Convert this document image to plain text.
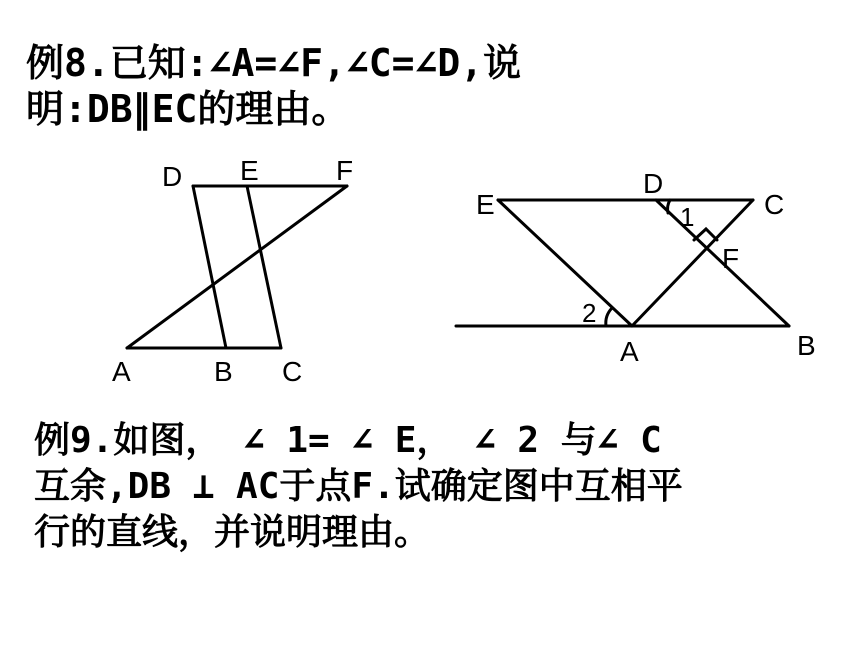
例8.已知:∠A=∠F,∠C=∠D,说
明:DB∥EC的理由。
D E	F
A	B C
E
D
C
F
A	B
1
2
例9.如图， ∠ 1= ∠ E， ∠ 2 与∠ C
互余,DB ⊥ AC于点F.试确定图中互相平
行的直线，并说明理由。
